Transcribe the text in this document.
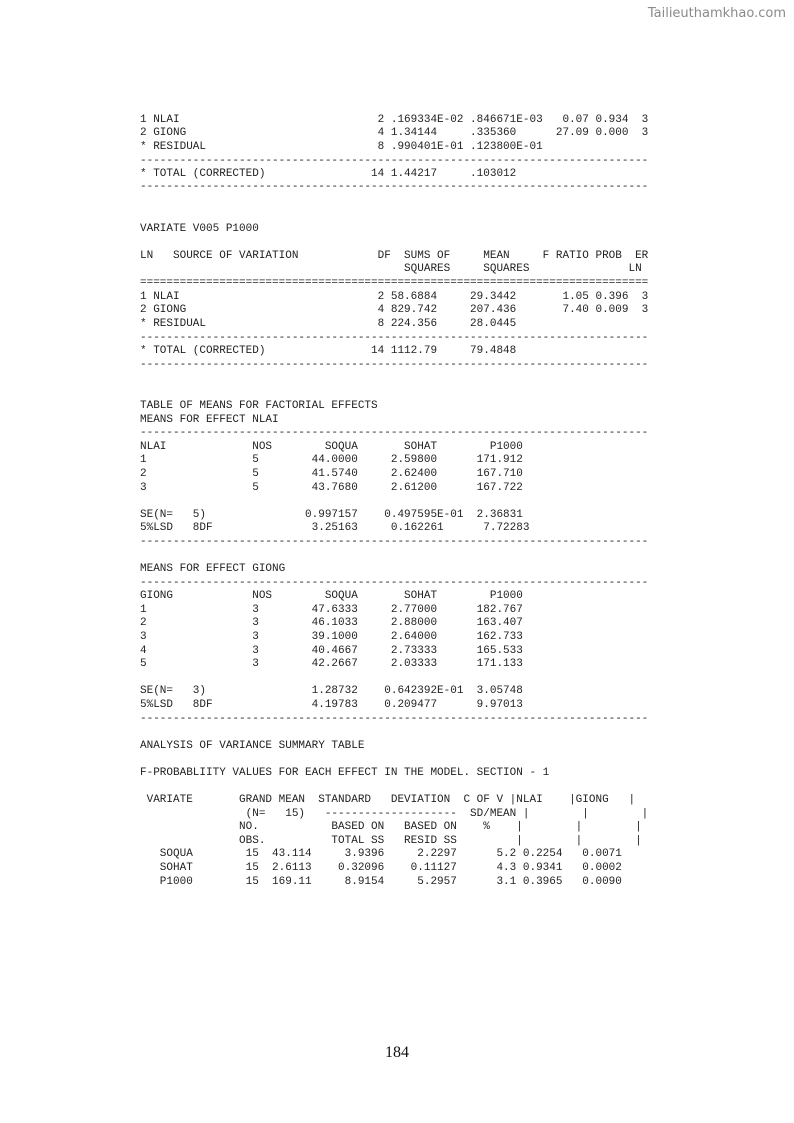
Tailieuthamkhao.com
1 NLAI                              2 .169334E-02 .846671E-03   0.07 0.934  3
2 GIONG                             4 1.34144     .335360      27.09 0.000  3
* RESIDUAL                          8 .990401E-01 .123800E-01
-----------------------------------------------------------------------------
* TOTAL (CORRECTED)                14 1.44217     .103012
-----------------------------------------------------------------------------
VARIATE V005 P1000
LN   SOURCE OF VARIATION            DF  SUMS OF     MEAN     F RATIO PROB  ER
SQUARES     SQUARES               LN
=============================================================================
1 NLAI                              2 58.6884     29.3442       1.05 0.396  3
2 GIONG                             4 829.742     207.436       7.40 0.009  3
* RESIDUAL                          8 224.356     28.0445
-----------------------------------------------------------------------------
* TOTAL (CORRECTED)                14 1112.79     79.4848
-----------------------------------------------------------------------------
TABLE OF MEANS FOR FACTORIAL EFFECTS
MEANS FOR EFFECT NLAI
-----------------------------------------------------------------------------
NLAI             NOS        SOQUA       SOHAT        P1000
1                5        44.0000     2.59800      171.912
2                5        41.5740     2.62400      167.710
3                5        43.7680     2.61200      167.722
SE(N=   5)               0.997157    0.497595E-01  2.36831
5%LSD   8DF               3.25163     0.162261      7.72283
-----------------------------------------------------------------------------
MEANS FOR EFFECT GIONG
-----------------------------------------------------------------------------
GIONG            NOS        SOQUA       SOHAT        P1000
1                3        47.6333     2.77000      182.767
2                3        46.1033     2.88000      163.407
3                3        39.1000     2.64000      162.733
4                3        40.4667     2.73333      165.533
5                3        42.2667     2.03333      171.133
SE(N=   3)                1.28732    0.642392E-01  3.05748
5%LSD   8DF               4.19783    0.209477      9.97013
-----------------------------------------------------------------------------
ANALYSIS OF VARIANCE SUMMARY TABLE
F-PROBABLIITY VALUES FOR EACH EFFECT IN THE MODEL. SECTION - 1
VARIATE       GRAND MEAN  STANDARD   DEVIATION  C OF V |NLAI    |GIONG   |
(N=   15)   --------------------  SD/MEAN |        |        |
NO.           BASED ON   BASED ON    %    |        |        |
OBS.          TOTAL SS   RESID SS         |        |        |
SOQUA        15  43.114     3.9396     2.2297      5.2 0.2254   0.0071
SOHAT        15  2.6113    0.32096    0.11127      4.3 0.9341   0.0002
P1000        15  169.11     8.9154     5.2957      3.1 0.3965   0.0090
184
